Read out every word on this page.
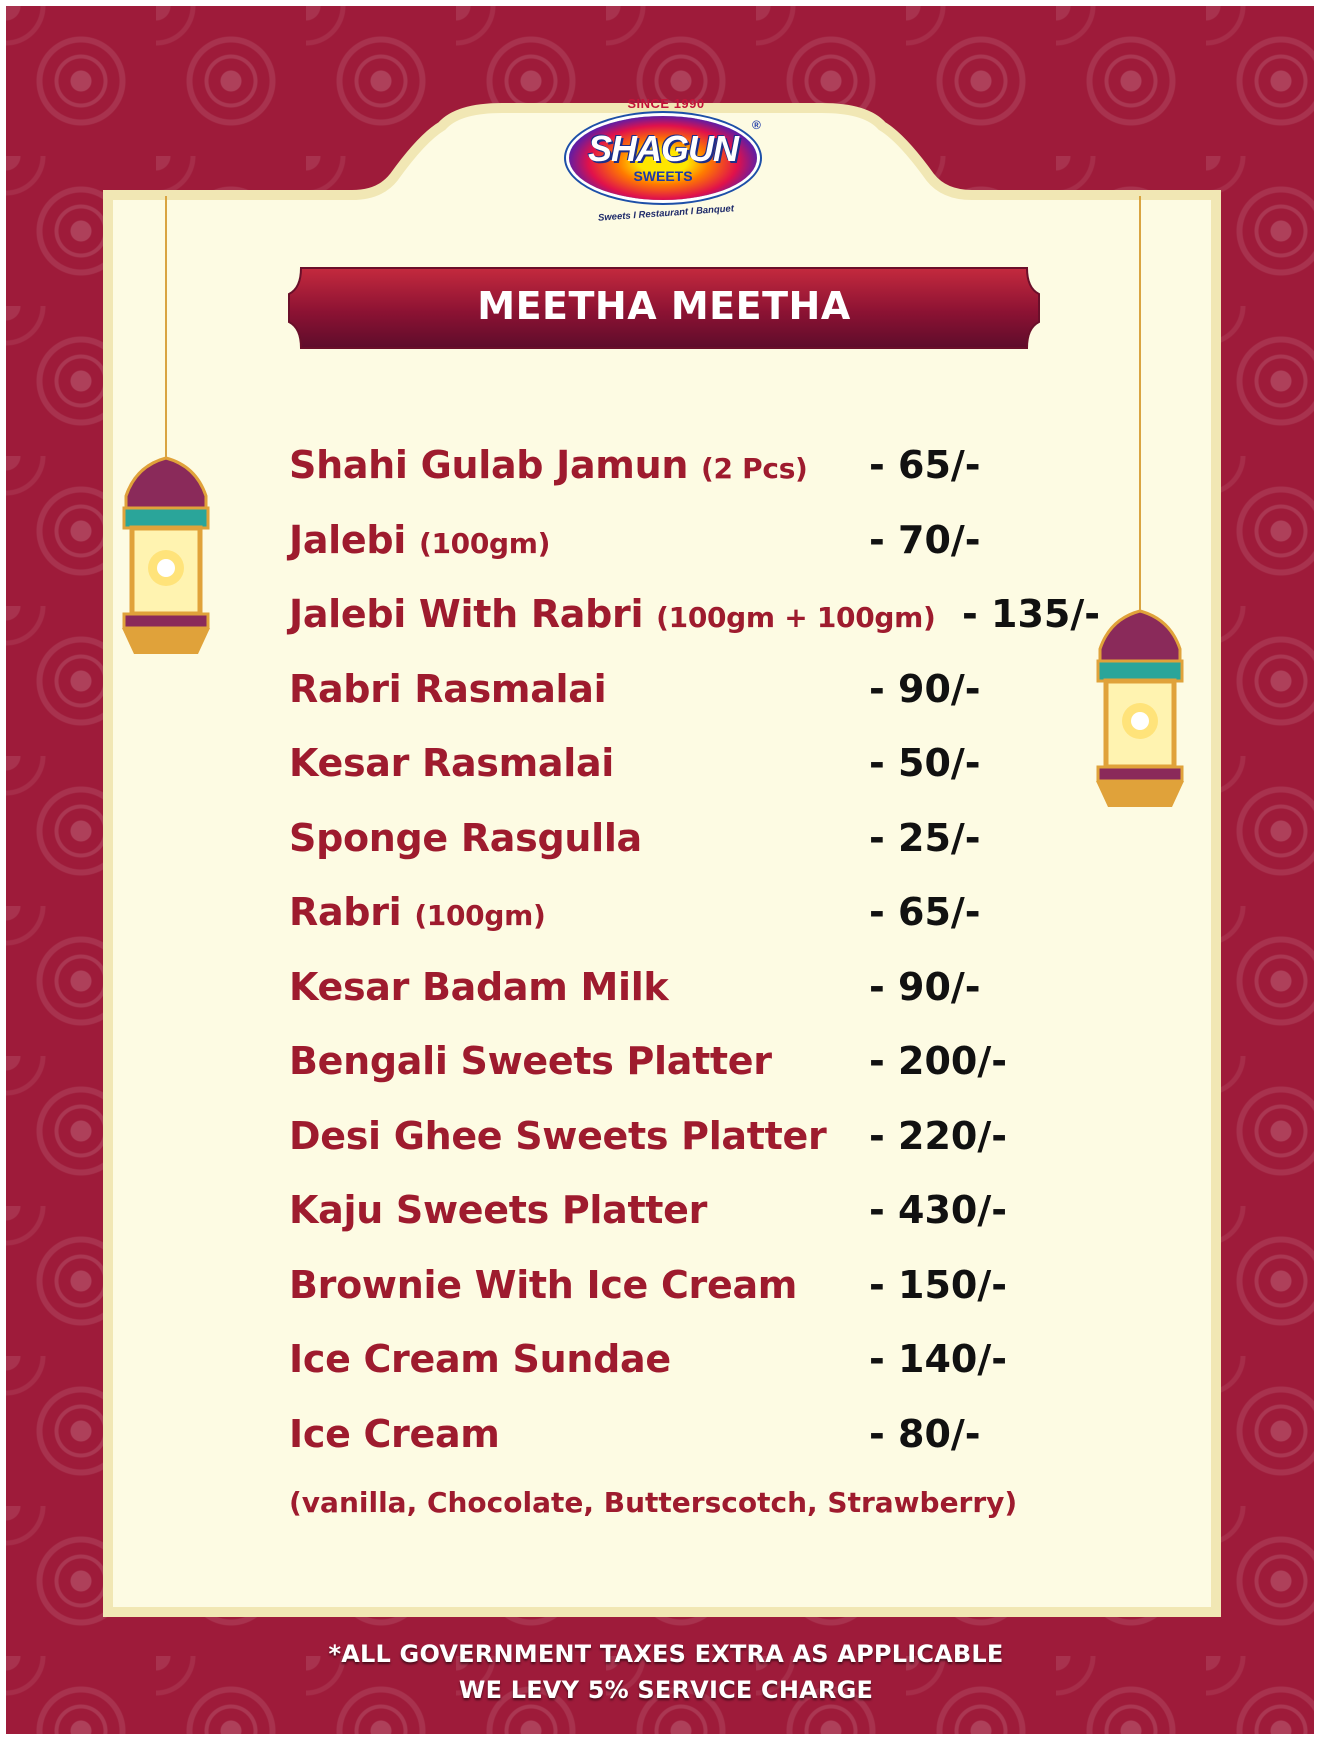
SINCE 1990
SHAGUN
SWEETS
®
Sweets I Restaurant I Banquet
MEETHA MEETHA
Shahi Gulab Jamun (2 Pcs) - 65/-
Jalebi (100gm)	- 70/-
Jalebi With Rabri (100gm + 100gm) - 135/-
Rabri Rasmalai	- 90/-
Kesar Rasmalai	- 50/-
Sponge Rasgulla	- 25/-
Rabri (100gm)	- 65/-
Kesar Badam Milk	- 90/-
Bengali Sweets Platter	- 200/-
Desi Ghee Sweets Platter - 220/-
Kaju Sweets Platter	- 430/-
Brownie With Ice Cream - 150/-
Ice Cream Sundae	- 140/-
Ice Cream	- 80/-
(vanilla, Chocolate, Butterscotch, Strawberry)
*ALL GOVERNMENT TAXES EXTRA AS APPLICABLE
WE LEVY 5% SERVICE CHARGE
